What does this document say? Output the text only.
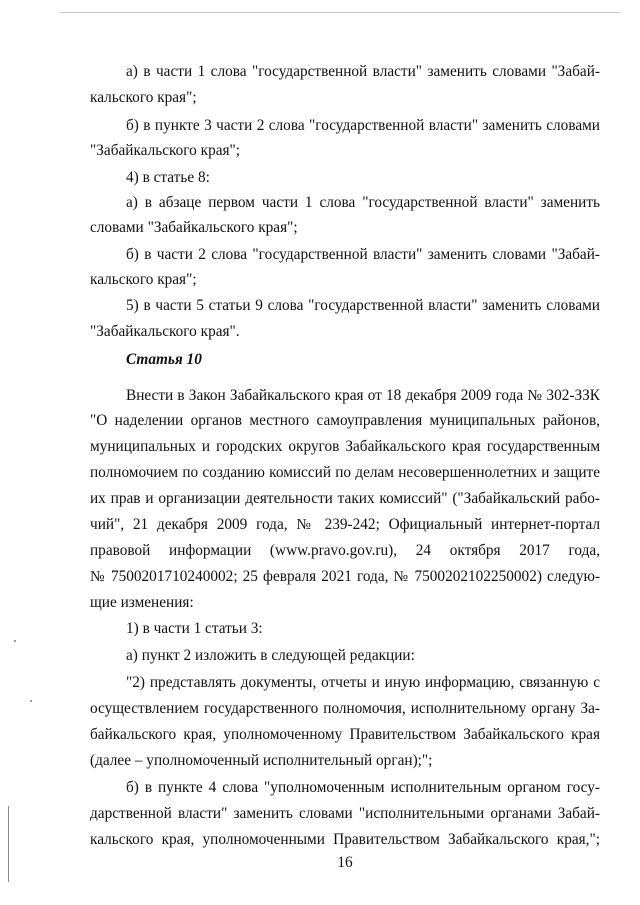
а) в части 1 слова "государственной власти" заменить словами "Забай-
кальского края";
б) в пункте 3 части 2 слова "государственной власти" заменить словами
"Забайкальского края";
4) в статье 8:
а) в абзаце первом части 1 слова "государственной власти" заменить
словами "Забайкальского края";
б) в части 2 слова "государственной власти" заменить словами "Забай-
кальского края";
5) в части 5 статьи 9 слова "государственной власти" заменить словами
"Забайкальского края".
Статья 10
Внести в Закон Забайкальского края от 18 декабря 2009 года № 302-ЗЗК
"О наделении органов местного самоуправления муниципальных районов,
муниципальных и городских округов Забайкальского края государственным
полномочием по созданию комиссий по делам несовершеннолетних и защите
их прав и организации деятельности таких комиссий" ("Забайкальский рабо-
чий", 21 декабря 2009 года, № 239-242; Официальный интернет-портал
правовой информации (www.pravo.gov.ru), 24 октября 2017 года,
№ 7500201710240002; 25 февраля 2021 года, № 7500202102250002) следую-
щие изменения:
1) в части 1 статьи 3:
а) пункт 2 изложить в следующей редакции:
"2) представлять документы, отчеты и иную информацию, связанную с
осуществлением государственного полномочия, исполнительному органу За-
байкальского края, уполномоченному Правительством Забайкальского края
(далее – уполномоченный исполнительный орган);";
б) в пункте 4 слова "уполномоченным исполнительным органом госу-
дарственной власти" заменить словами "исполнительными органами Забай-
кальского края, уполномоченными Правительством Забайкальского края,";
16
